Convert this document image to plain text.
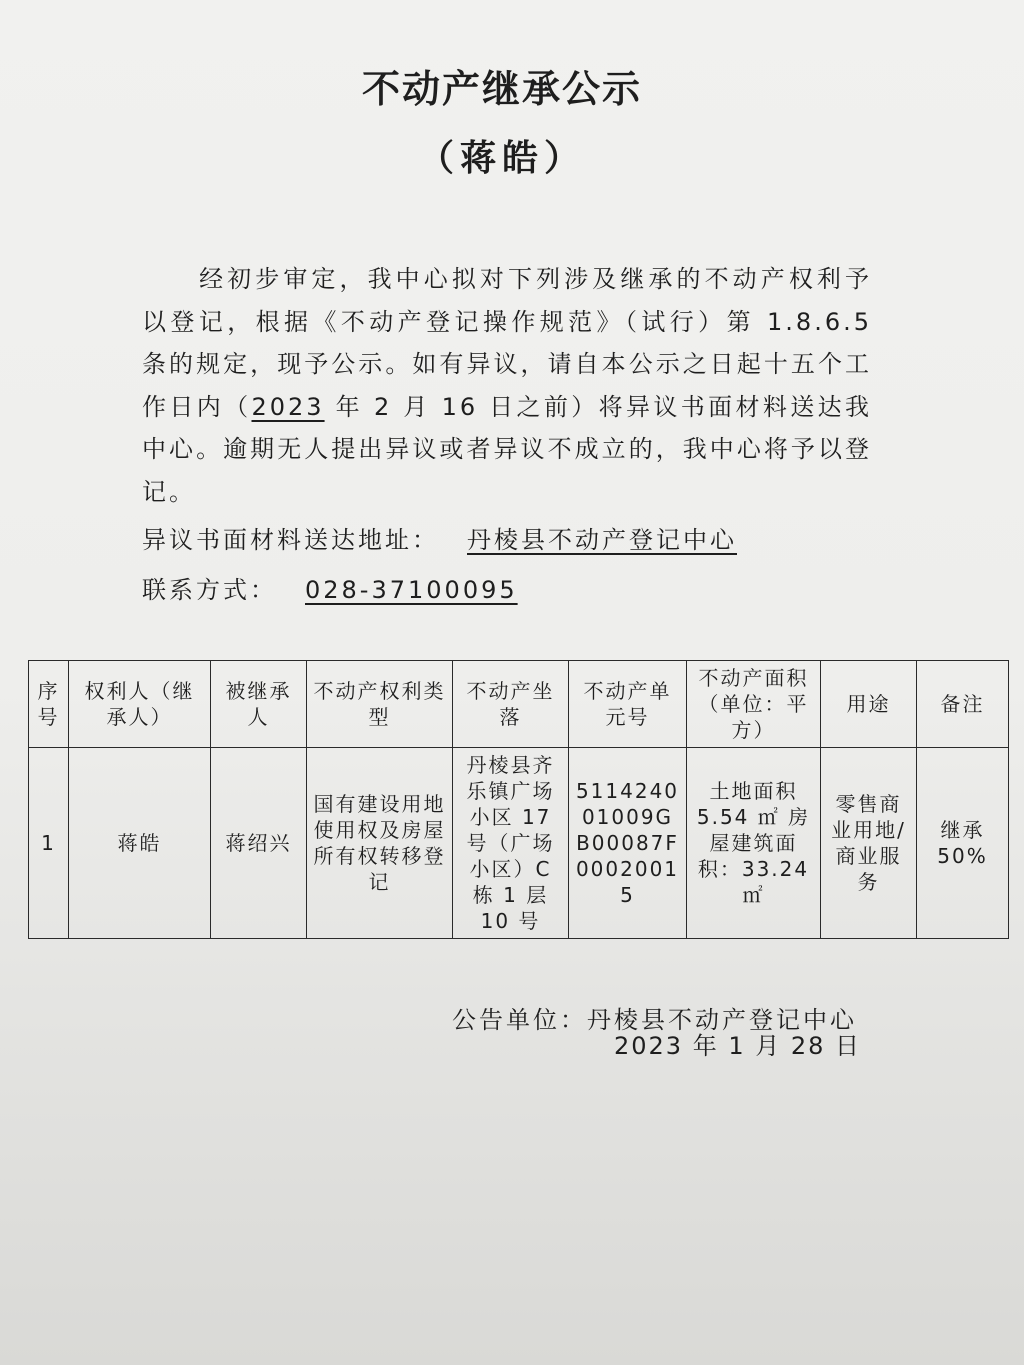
不动产继承公示
（蒋皓）
经初步审定，我中心拟对下列涉及继承的不动产权利予以登记，根据《不动产登记操作规范》（试行）第 1.8.6.5 条的规定，现予公示。如有异议，请自本公示之日起十五个工作日内（2023 年 2 月 16 日之前）将异议书面材料送达我中心。逾期无人提出异议或者异议不成立的，我中心将予以登记。
异议书面材料送达地址： 丹棱县不动产登记中心
联系方式： 028-37100095
序号	权利人（继承人）	被继承人	不动产权利类型	不动产坐落	不动产单元号	不动产面积（单位：平方）	用途	备注
1	蒋皓	蒋绍兴	国有建设用地使用权及房屋所有权转移登记	丹棱县齐乐镇广场小区 17 号（广场小区）C 栋 1 层 10 号	511424001009GB00087F00020015	土地面积 5.54 ㎡ 房屋建筑面积：33.24 ㎡	零售商业用地/商业服务	继承 50%
公告单位：丹棱县不动产登记中心
2023 年 1 月 28 日
